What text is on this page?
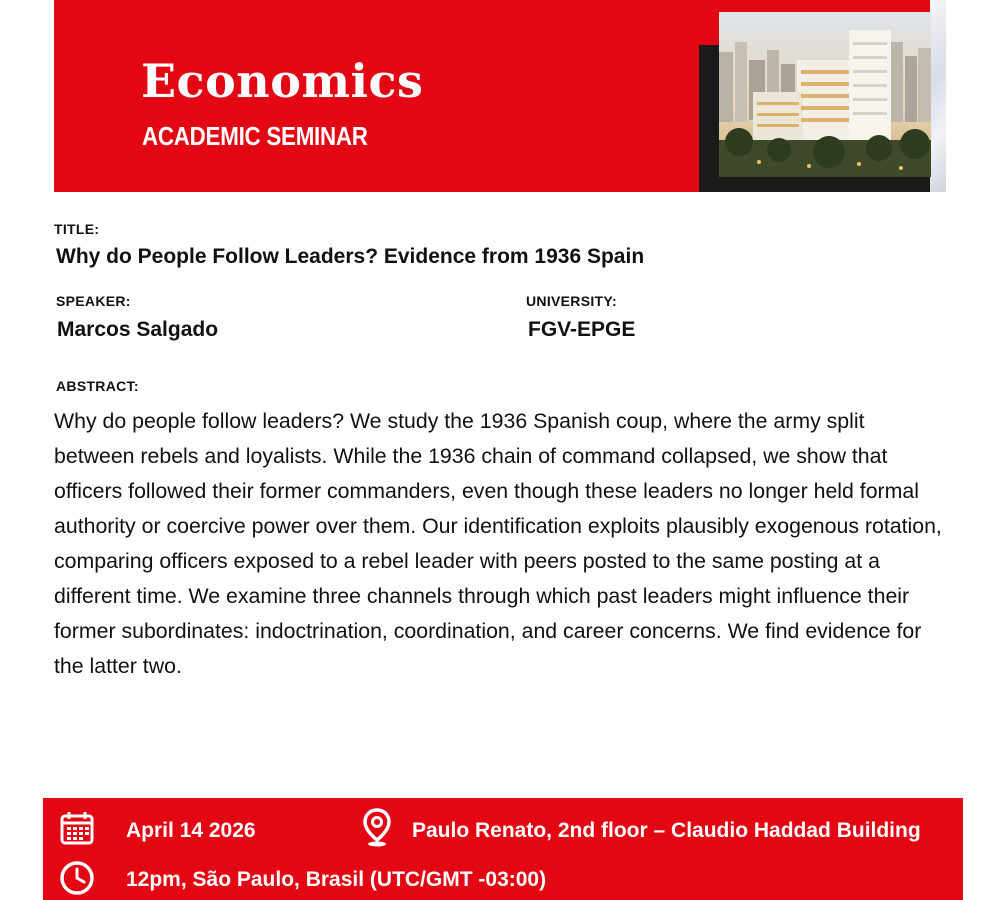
Economics
ACADEMIC SEMINAR
TITLE:
Why do People Follow Leaders? Evidence from 1936 Spain
SPEAKER:
Marcos Salgado
UNIVERSITY:
FGV-EPGE
ABSTRACT:
Why do people follow leaders? We study the 1936 Spanish coup, where the army split between rebels and loyalists. While the 1936 chain of command collapsed, we show that officers followed their former commanders, even though these leaders no longer held formal authority or coercive power over them. Our identification exploits plausibly exogenous rotation, comparing officers exposed to a rebel leader with peers posted to the same posting at a different time. We examine three channels through which past leaders might influence their former subordinates: indoctrination, coordination, and career concerns. We find evidence for the latter two.
April 14 2026	Paulo Renato, 2nd floor – Claudio Haddad Building
12pm, São Paulo, Brasil (UTC/GMT -03:00)
